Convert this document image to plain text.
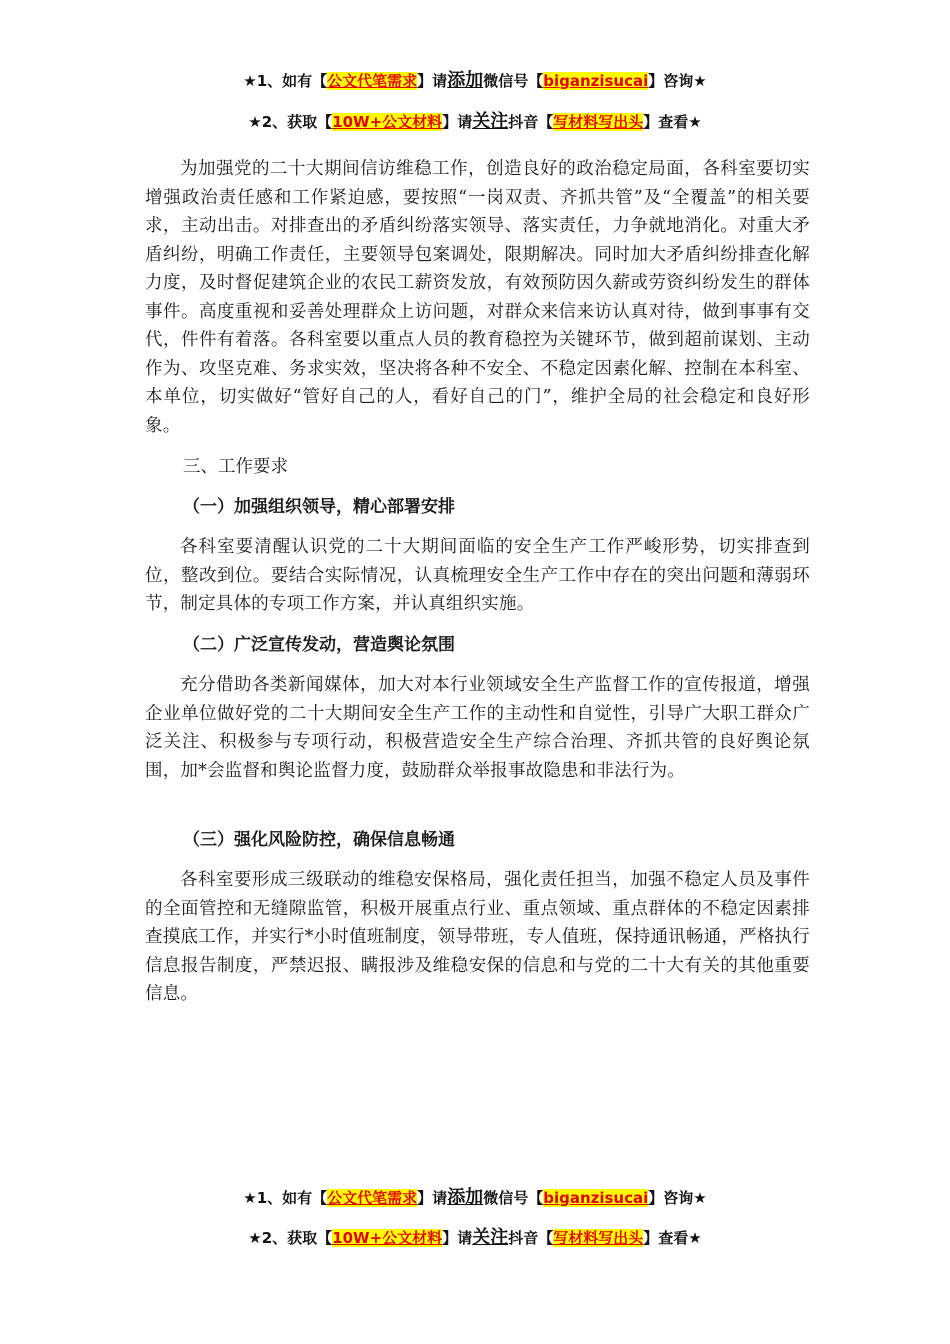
★1、如有【公文代笔需求】请添加微信号【biganzisucai】咨询★
★2、获取【10W+公文材料】请关注抖音【写材料写出头】查看★

为加强党的二十大期间信访维稳工作，创造良好的政治稳定局面，各科室要切实增强政治责任感和工作紧迫感，要按照“一岗双责、齐抓共管”及“全覆盖”的相关要求，主动出击。对排查出的矛盾纠纷落实领导、落实责任，力争就地消化。对重大矛盾纠纷，明确工作责任，主要领导包案调处，限期解决。同时加大矛盾纠纷排查化解力度，及时督促建筑企业的农民工薪资发放，有效预防因久薪或劳资纠纷发生的群体事件。高度重视和妥善处理群众上访问题，对群众来信来访认真对待，做到事事有交代，件件有着落。各科室要以重点人员的教育稳控为关键环节，做到超前谋划、主动作为、攻坚克难、务求实效，坚决将各种不安全、不稳定因素化解、控制在本科室、本单位，切实做好“管好自己的人，看好自己的门”，维护全局的社会稳定和良好形象。

三、工作要求
（一）加强组织领导，精心部署安排

各科室要清醒认识党的二十大期间面临的安全生产工作严峻形势，切实排查到位，整改到位。要结合实际情况，认真梳理安全生产工作中存在的突出问题和薄弱环节，制定具体的专项工作方案，并认真组织实施。

（二）广泛宣传发动，营造舆论氛围

充分借助各类新闻媒体，加大对本行业领域安全生产监督工作的宣传报道，增强企业单位做好党的二十大期间安全生产工作的主动性和自觉性，引导广大职工群众广泛关注、积极参与专项行动，积极营造安全生产综合治理、齐抓共管的良好舆论氛围，加*会监督和舆论监督力度，鼓励群众举报事故隐患和非法行为。

（三）强化风险防控，确保信息畅通

各科室要形成三级联动的维稳安保格局，强化责任担当，加强不稳定人员及事件的全面管控和无缝隙监管，积极开展重点行业、重点领域、重点群体的不稳定因素排查摸底工作，并实行*小时值班制度，领导带班，专人值班，保持通讯畅通，严格执行信息报告制度，严禁迟报、瞒报涉及维稳安保的信息和与党的二十大有关的其他重要信息。

★1、如有【公文代笔需求】请添加微信号【biganzisucai】咨询★
★2、获取【10W+公文材料】请关注抖音【写材料写出头】查看★
